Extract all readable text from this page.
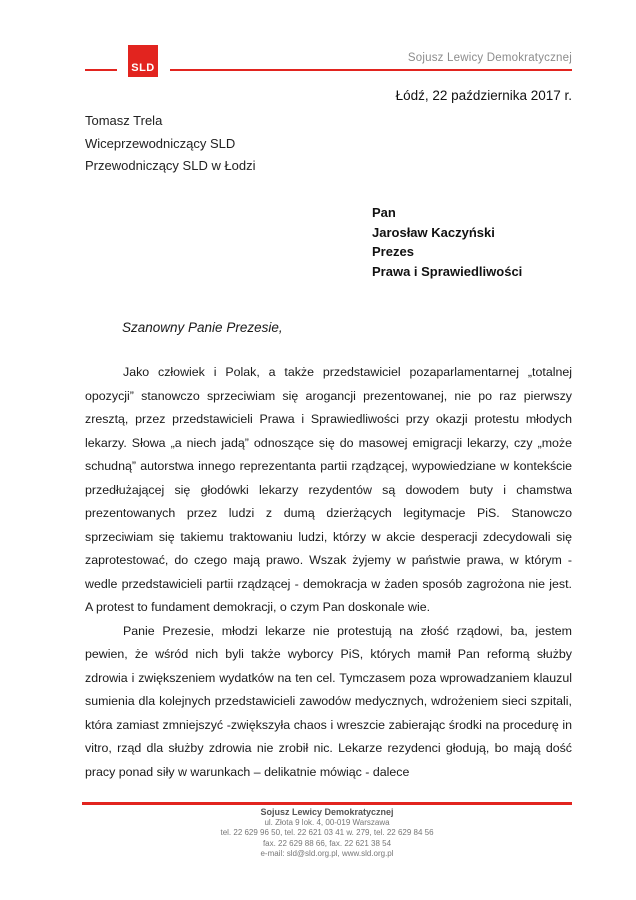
SLD
Sojusz Lewicy Demokratycznej
Łódź, 22 października 2017 r.
Tomasz Trela
Wiceprzewodniczący SLD
Przewodniczący SLD w Łodzi
Pan
Jarosław Kaczyński
Prezes
Prawa i Sprawiedliwości
Szanowny Panie Prezesie,

Jako człowiek i Polak, a także przedstawiciel pozaparlamentarnej „totalnej opozycji” stanowczo sprzeciwiam się arogancji prezentowanej, nie po raz pierwszy zresztą, przez przedstawicieli Prawa i Sprawiedliwości przy okazji protestu młodych lekarzy. Słowa „a niech jadą” odnoszące się do masowej emigracji lekarzy, czy „może schudną” autorstwa innego reprezentanta partii rządzącej, wypowiedziane w kontekście przedłużającej się głodówki lekarzy rezydentów są dowodem buty i chamstwa prezentowanych przez ludzi z dumą dzierżących legitymacje PiS. Stanowczo sprzeciwiam się takiemu traktowaniu ludzi, którzy w akcie desperacji zdecydowali się zaprotestować, do czego mają prawo. Wszak żyjemy w państwie prawa, w którym - wedle przedstawicieli partii rządzącej - demokracja w żaden sposób zagrożona nie jest. A protest to fundament demokracji, o czym Pan doskonale wie.

Panie Prezesie, młodzi lekarze nie protestują na złość rządowi, ba, jestem pewien, że wśród nich byli także wyborcy PiS, których mamił Pan reformą służby zdrowia i zwiększeniem wydatków na ten cel. Tymczasem poza wprowadzaniem klauzul sumienia dla kolejnych przedstawicieli zawodów medycznych, wdrożeniem sieci szpitali, która zamiast zmniejszyć -zwiększyła chaos i wreszcie zabierając środki na procedurę in vitro, rząd dla służby zdrowia nie zrobił nic. Lekarze rezydenci głodują, bo mają dość pracy ponad siły w warunkach – delikatnie mówiąc - dalece

Sojusz Lewicy Demokratycznej
ul. Złota 9 lok. 4, 00-019 Warszawa
tel. 22 629 96 50, tel. 22 621 03 41 w. 279, tel. 22 629 84 56
fax. 22 629 88 66, fax. 22 621 38 54
e-mail: sld@sld.org.pl, www.sld.org.pl
